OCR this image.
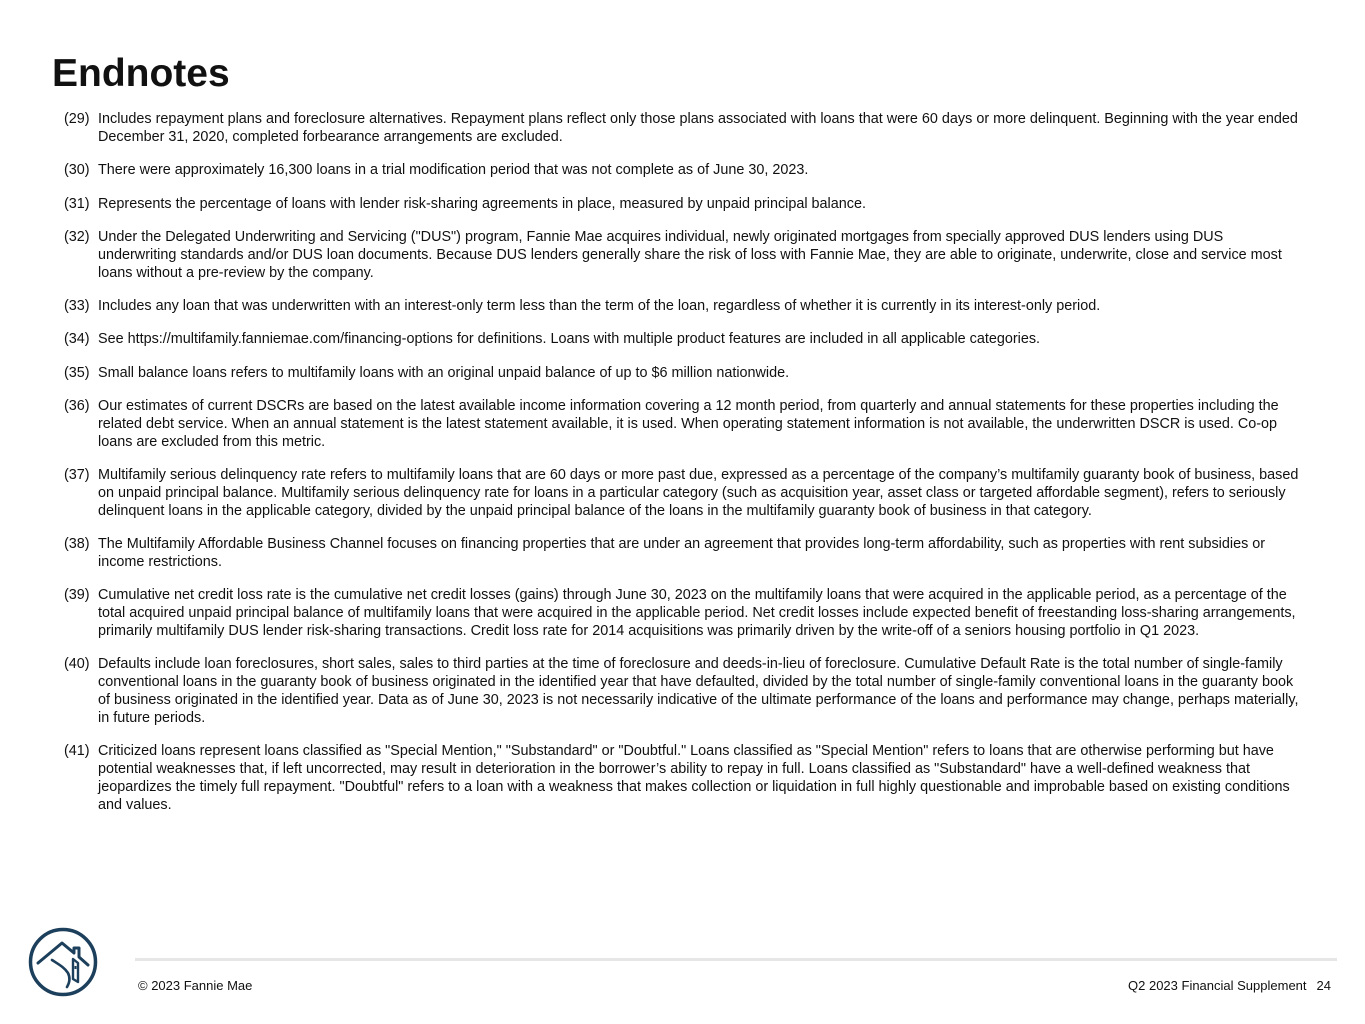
Endnotes
(29) Includes repayment plans and foreclosure alternatives. Repayment plans reflect only those plans associated with loans that were 60 days or more delinquent. Beginning with the year ended December 31, 2020, completed forbearance arrangements are excluded.
(30) There were approximately 16,300 loans in a trial modification period that was not complete as of June 30, 2023.
(31) Represents the percentage of loans with lender risk-sharing agreements in place, measured by unpaid principal balance.
(32) Under the Delegated Underwriting and Servicing ("DUS") program, Fannie Mae acquires individual, newly originated mortgages from specially approved DUS lenders using DUS underwriting standards and/or DUS loan documents. Because DUS lenders generally share the risk of loss with Fannie Mae, they are able to originate, underwrite, close and service most loans without a pre-review by the company.
(33) Includes any loan that was underwritten with an interest-only term less than the term of the loan, regardless of whether it is currently in its interest-only period.
(34) See https://multifamily.fanniemae.com/financing-options for definitions. Loans with multiple product features are included in all applicable categories.
(35) Small balance loans refers to multifamily loans with an original unpaid balance of up to $6 million nationwide.
(36) Our estimates of current DSCRs are based on the latest available income information covering a 12 month period, from quarterly and annual statements for these properties including the related debt service. When an annual statement is the latest statement available, it is used. When operating statement information is not available, the underwritten DSCR is used. Co-op loans are excluded from this metric.
(37) Multifamily serious delinquency rate refers to multifamily loans that are 60 days or more past due, expressed as a percentage of the company’s multifamily guaranty book of business, based on unpaid principal balance. Multifamily serious delinquency rate for loans in a particular category (such as acquisition year, asset class or targeted affordable segment), refers to seriously delinquent loans in the applicable category, divided by the unpaid principal balance of the loans in the multifamily guaranty book of business in that category.
(38) The Multifamily Affordable Business Channel focuses on financing properties that are under an agreement that provides long-term affordability, such as properties with rent subsidies or income restrictions.
(39) Cumulative net credit loss rate is the cumulative net credit losses (gains) through June 30, 2023 on the multifamily loans that were acquired in the applicable period, as a percentage of the total acquired unpaid principal balance of multifamily loans that were acquired in the applicable period. Net credit losses include expected benefit of freestanding loss-sharing arrangements, primarily multifamily DUS lender risk-sharing transactions. Credit loss rate for 2014 acquisitions was primarily driven by the write-off of a seniors housing portfolio in Q1 2023.
(40) Defaults include loan foreclosures, short sales, sales to third parties at the time of foreclosure and deeds-in-lieu of foreclosure. Cumulative Default Rate is the total number of single-family conventional loans in the guaranty book of business originated in the identified year that have defaulted, divided by the total number of single-family conventional loans in the guaranty book of business originated in the identified year. Data as of June 30, 2023 is not necessarily indicative of the ultimate performance of the loans and performance may change, perhaps materially, in future periods.
(41) Criticized loans represent loans classified as "Special Mention," "Substandard" or "Doubtful." Loans classified as "Special Mention" refers to loans that are otherwise performing but have potential weaknesses that, if left uncorrected, may result in deterioration in the borrower’s ability to repay in full. Loans classified as "Substandard" have a well-defined weakness that jeopardizes the timely full repayment. "Doubtful" refers to a loan with a weakness that makes collection or liquidation in full highly questionable and improbable based on existing conditions and values.
© 2023 Fannie Mae	Q2 2023 Financial Supplement 24
